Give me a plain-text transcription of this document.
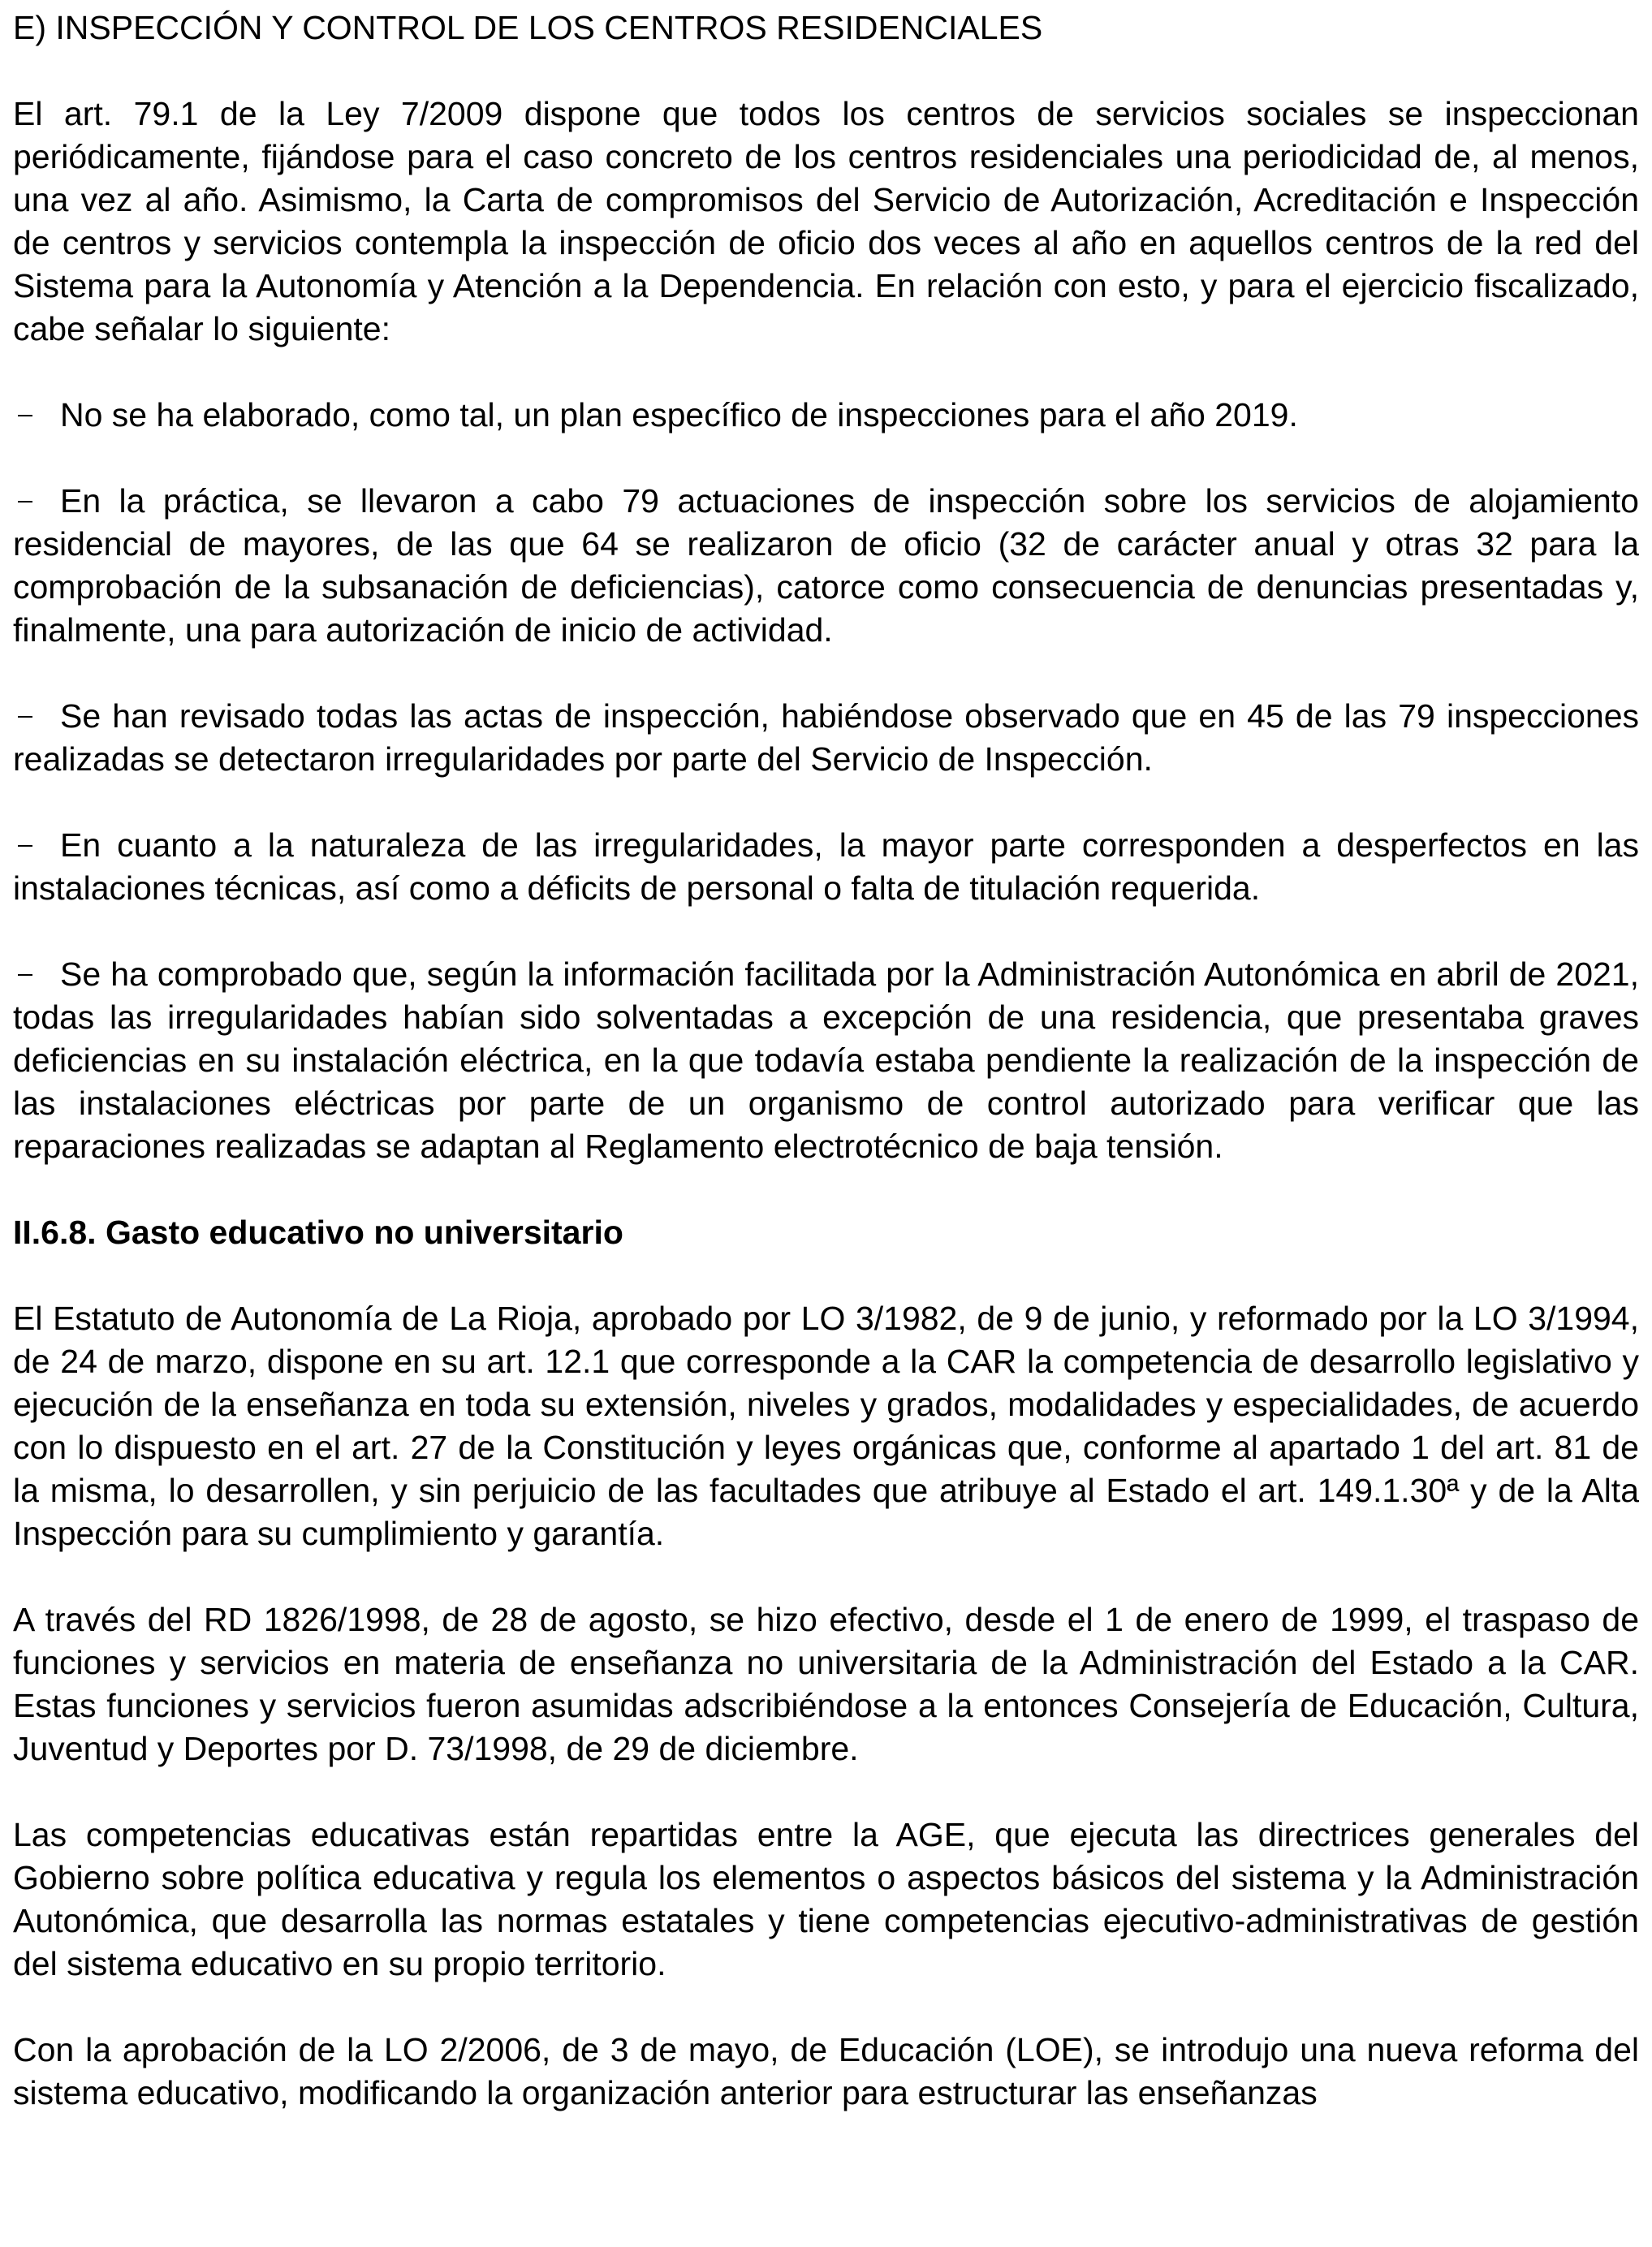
E) INSPECCIÓN Y CONTROL DE LOS CENTROS RESIDENCIALES

El art. 79.1 de la Ley 7/2009 dispone que todos los centros de servicios sociales se inspeccionan periódicamente, fijándose para el caso concreto de los centros residenciales una periodicidad de, al menos, una vez al año. Asimismo, la Carta de compromisos del Servicio de Autorización, Acreditación e Inspección de centros y servicios contempla la inspección de oficio dos veces al año en aquellos centros de la red del Sistema para la Autonomía y Atención a la Dependencia. En relación con esto, y para el ejercicio fiscalizado, cabe señalar lo siguiente:

No se ha elaborado, como tal, un plan específico de inspecciones para el año 2019.

En la práctica, se llevaron a cabo 79 actuaciones de inspección sobre los servicios de alojamiento residencial de mayores, de las que 64 se realizaron de oficio (32 de carácter anual y otras 32 para la comprobación de la subsanación de deficiencias), catorce como consecuencia de denuncias presentadas y, finalmente, una para autorización de inicio de actividad.

Se han revisado todas las actas de inspección, habiéndose observado que en 45 de las 79 inspecciones realizadas se detectaron irregularidades por parte del Servicio de Inspección.

En cuanto a la naturaleza de las irregularidades, la mayor parte corresponden a desperfectos en las instalaciones técnicas, así como a déficits de personal o falta de titulación requerida.

Se ha comprobado que, según la información facilitada por la Administración Autonómica en abril de 2021, todas las irregularidades habían sido solventadas a excepción de una residencia, que presentaba graves deficiencias en su instalación eléctrica, en la que todavía estaba pendiente la realización de la inspección de las instalaciones eléctricas por parte de un organismo de control autorizado para verificar que las reparaciones realizadas se adaptan al Reglamento electrotécnico de baja tensión.

II.6.8. Gasto educativo no universitario

El Estatuto de Autonomía de La Rioja, aprobado por LO 3/1982, de 9 de junio, y reformado por la LO 3/1994, de 24 de marzo, dispone en su art. 12.1 que corresponde a la CAR la competencia de desarrollo legislativo y ejecución de la enseñanza en toda su extensión, niveles y grados, modalidades y especialidades, de acuerdo con lo dispuesto en el art. 27 de la Constitución y leyes orgánicas que, conforme al apartado 1 del art. 81 de la misma, lo desarrollen, y sin perjuicio de las facultades que atribuye al Estado el art. 149.1.30ª y de la Alta Inspección para su cumplimiento y garantía.

A través del RD 1826/1998, de 28 de agosto, se hizo efectivo, desde el 1 de enero de 1999, el traspaso de funciones y servicios en materia de enseñanza no universitaria de la Administración del Estado a la CAR. Estas funciones y servicios fueron asumidas adscribiéndose a la entonces Consejería de Educación, Cultura, Juventud y Deportes por D. 73/1998, de 29 de diciembre.

Las competencias educativas están repartidas entre la AGE, que ejecuta las directrices generales del Gobierno sobre política educativa y regula los elementos o aspectos básicos del sistema y la Administración Autonómica, que desarrolla las normas estatales y tiene competencias ejecutivo-administrativas de gestión del sistema educativo en su propio territorio.

Con la aprobación de la LO 2/2006, de 3 de mayo, de Educación (LOE), se introdujo una nueva reforma del sistema educativo, modificando la organización anterior para estructurar las enseñanzas
